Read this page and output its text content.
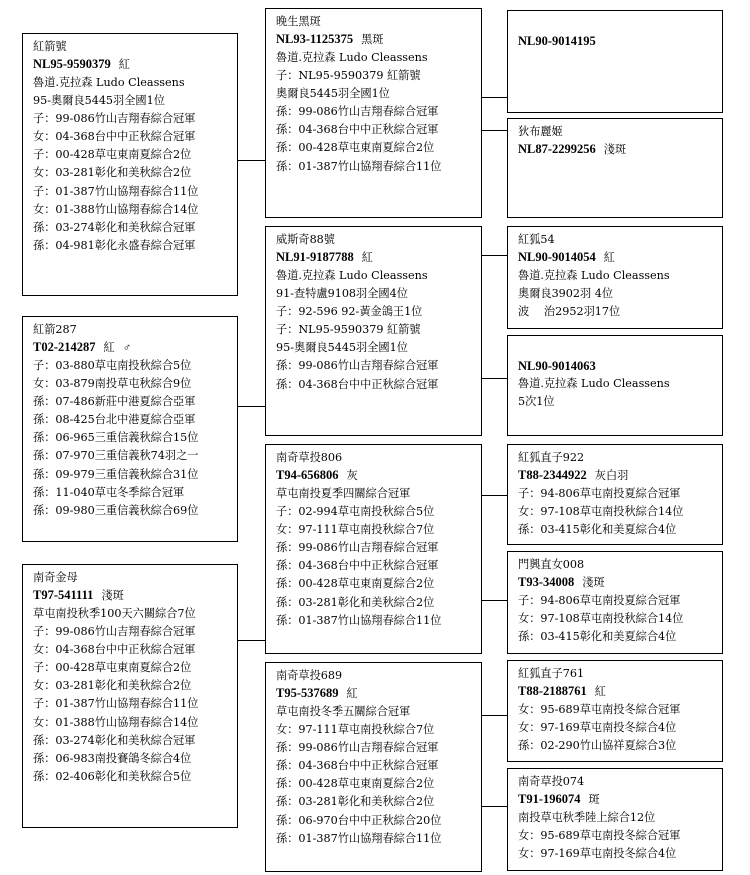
紅箭號
NL95-9590379 紅
魯道.克拉森 Ludo Cleassens
95-奧爾良5445羽全國1位
子：99-086竹山吉翔春綜合冠軍
女：04-368台中中正秋綜合冠軍
子：00-428草屯東南夏綜合2位
女：03-281彰化和美秋綜合2位
子：01-387竹山協翔春綜合11位
女：01-388竹山協翔春綜合14位
孫：03-274彰化和美秋綜合冠軍
孫：04-981彰化永盛春綜合冠軍
紅箭287
T02-214287 紅 ♂
子：03-880草屯南投秋綜合5位
女：03-879南投草屯秋綜合9位
孫：07-486新莊中港夏綜合亞軍
孫：08-425台北中港夏綜合亞軍
孫：06-965三重信義秋綜合15位
孫：07-970三重信義秋74羽之一
孫：09-979三重信義秋綜合31位
孫：11-040草屯冬季綜合冠軍
孫：09-980三重信義秋綜合69位
南奇金母
T97-541111 淺斑
草屯南投秋季100天六關綜合7位
子：99-086竹山吉翔春綜合冠軍
女：04-368台中中正秋綜合冠軍
子：00-428草屯東南夏綜合2位
女：03-281彰化和美秋綜合2位
子：01-387竹山協翔春綜合11位
女：01-388竹山協翔春綜合14位
孫：03-274彰化和美秋綜合冠軍
孫：06-983南投賽鴿冬綜合4位
孫：02-406彰化和美秋綜合5位
晚生黑斑
NL93-1125375 黑斑
魯道.克拉森 Ludo Cleassens
子：NL95-9590379 紅箭號
奧爾良5445羽全國1位
孫：99-086竹山吉翔春綜合冠軍
孫：04-368台中中正秋綜合冠軍
孫：00-428草屯東南夏綜合2位
孫：01-387竹山協翔春綜合11位
威斯奇88號
NL91-9187788 紅
魯道.克拉森 Ludo Cleassens
91-查特盧9108羽全國4位
子：92-596 92-黃金鴿王1位
子：NL95-9590379 紅箭號
95-奧爾良5445羽全國1位
孫：99-086竹山吉翔春綜合冠軍
孫：04-368台中中正秋綜合冠軍
南奇草投806
T94-656806 灰
草屯南投夏季四關綜合冠軍
子：02-994草屯南投秋綜合5位
女：97-111草屯南投秋綜合7位
孫：99-086竹山吉翔春綜合冠軍
孫：04-368台中中正秋綜合冠軍
孫：00-428草屯東南夏綜合2位
孫：03-281彰化和美秋綜合2位
孫：01-387竹山協翔春綜合11位
南奇草投689
T95-537689 紅
草屯南投冬季五關綜合冠軍
女：97-111草屯南投秋綜合7位
孫：99-086竹山吉翔春綜合冠軍
孫：04-368台中中正秋綜合冠軍
孫：00-428草屯東南夏綜合2位
孫：03-281彰化和美秋綜合2位
孫：06-970台中中正秋綜合20位
孫：01-387竹山協翔春綜合11位
NL90-9014195
狄布麗姬
NL87-2299256 淺斑
紅狐54
NL90-9014054 紅
魯道.克拉森 Ludo Cleassens
奧爾良3902羽 4位
波　 治2952羽17位
NL90-9014063
魯道.克拉森 Ludo Cleassens
5次1位
紅狐直子922
T88-2344922 灰白羽
子：94-806草屯南投夏綜合冠軍
女：97-108草屯南投秋綜合14位
孫：03-415彰化和美夏綜合4位
門興直女008
T93-34008 淺斑
子：94-806草屯南投夏綜合冠軍
女：97-108草屯南投秋綜合14位
孫：03-415彰化和美夏綜合4位
紅狐直子761
T88-2188761 紅
女：95-689草屯南投冬綜合冠軍
女：97-169草屯南投冬綜合4位
孫：02-290竹山協祥夏綜合3位
南奇草投074
T91-196074 斑
南投草屯秋季陸上綜合12位
女：95-689草屯南投冬綜合冠軍
女：97-169草屯南投冬綜合4位
